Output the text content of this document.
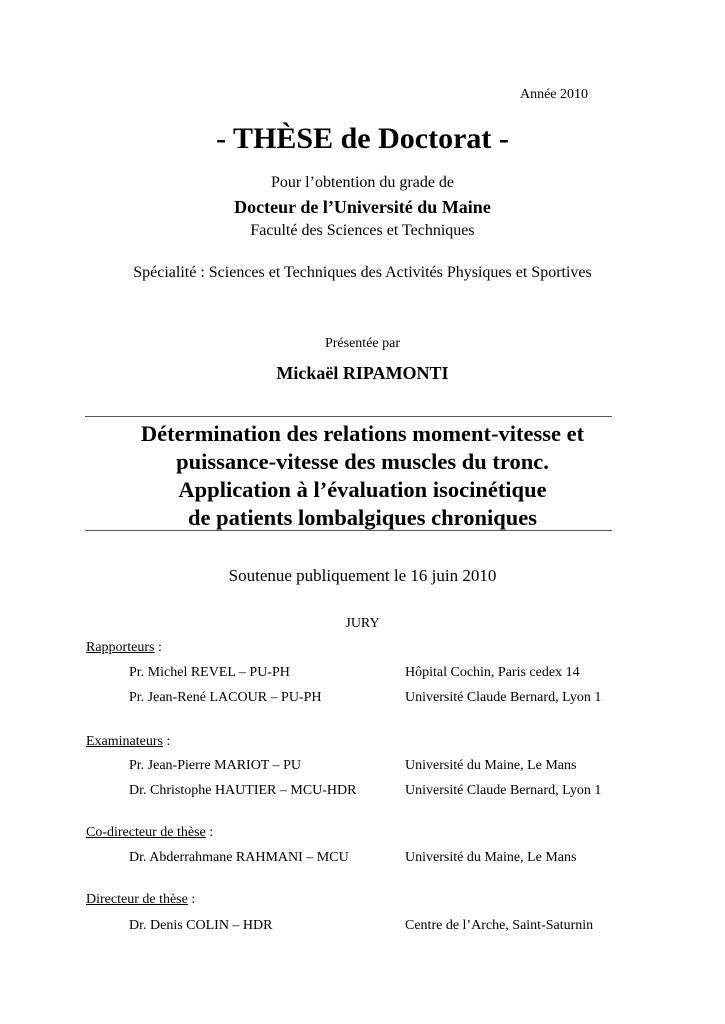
Année 2010
- THÈSE de Doctorat -
Pour l’obtention du grade de
Docteur de l’Université du Maine
Faculté des Sciences et Techniques
Spécialité : Sciences et Techniques des Activités Physiques et Sportives
Présentée par
Mickaël RIPAMONTI
Détermination des relations moment-vitesse et
puissance-vitesse des muscles du tronc.
Application à l’évaluation isocinétique
de patients lombalgiques chroniques
Soutenue publiquement le 16 juin 2010
JURY
Rapporteurs :
Pr. Michel REVEL – PU-PH	Hôpital Cochin, Paris cedex 14
Pr. Jean-René LACOUR – PU-PH	Université Claude Bernard, Lyon 1
Examinateurs :
Pr. Jean-Pierre MARIOT – PU	Université du Maine, Le Mans
Dr. Christophe HAUTIER – MCU-HDR	Université Claude Bernard, Lyon 1
Co-directeur de thèse :
Dr. Abderrahmane RAHMANI – MCU	Université du Maine, Le Mans
Directeur de thèse :
Dr. Denis COLIN – HDR	Centre de l’Arche, Saint-Saturnin
